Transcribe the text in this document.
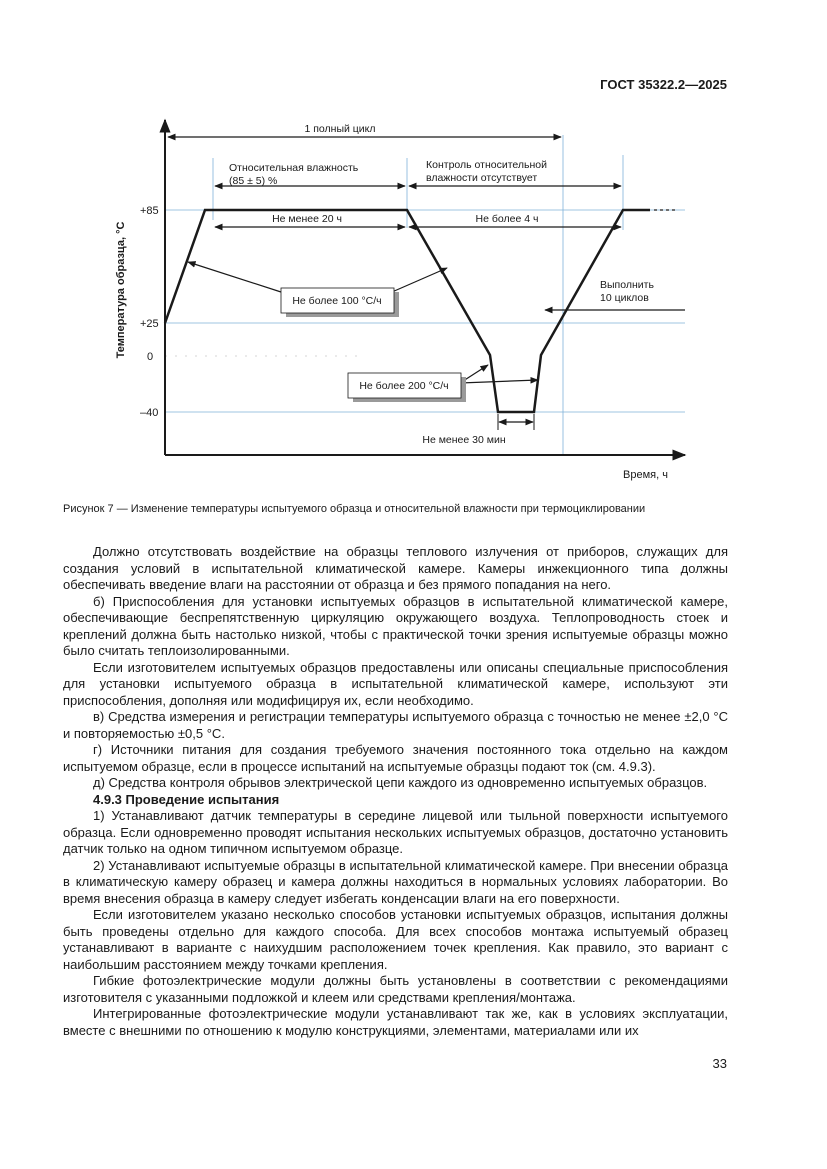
ГОСТ 35322.2—2025
1 полный цикл
Относительная влажность
(85 ± 5) %
Контроль относительной
влажности отсутствует
Не менее 20 ч	Не более 4 ч
Не более 100 °С/ч
Не более 200 °С/ч
Выполнить
10 циклов
Не менее 30 мин
Время, ч
Температура образца, °С
+85
+25
0
–40
Рисунок 7 — Изменение температуры испытуемого образца и относительной влажности при термоциклировании

Должно отсутствовать воздействие на образцы теплового излучения от приборов, служащих для создания условий в испытательной климатической камере. Камеры инжекционного типа должны обеспечивать введение влаги на расстоянии от образца и без прямого попадания на него.

б) Приспособления для установки испытуемых образцов в испытательной климатической камере, обеспечивающие беспрепятственную циркуляцию окружающего воздуха. Теплопроводность стоек и креплений должна быть настолько низкой, чтобы с практической точки зрения испытуемые образцы можно было считать теплоизолированными.

Если изготовителем испытуемых образцов предоставлены или описаны специальные приспособления для установки испытуемого образца в испытательной климатической камере, используют эти приспособления, дополняя или модифицируя их, если необходимо.

в) Средства измерения и регистрации температуры испытуемого образца с точностью не менее ±2,0 °С и повторяемостью ±0,5 °С.

г) Источники питания для создания требуемого значения постоянного тока отдельно на каждом испытуемом образце, если в процессе испытаний на испытуемые образцы подают ток (см. 4.9.3).

д) Средства контроля обрывов электрической цепи каждого из одновременно испытуемых образцов.

4.9.3 Проведение испытания

1) Устанавливают датчик температуры в середине лицевой или тыльной поверхности испытуемого образца. Если одновременно проводят испытания нескольких испытуемых образцов, достаточно установить датчик только на одном типичном испытуемом образце.

2) Устанавливают испытуемые образцы в испытательной климатической камере. При внесении образца в климатическую камеру образец и камера должны находиться в нормальных условиях лаборатории. Во время внесения образца в камеру следует избегать конденсации влаги на его поверхности.

Если изготовителем указано несколько способов установки испытуемых образцов, испытания должны быть проведены отдельно для каждого способа. Для всех способов монтажа испытуемый образец устанавливают в варианте с наихудшим расположением точек крепления. Как правило, это вариант с наибольшим расстоянием между точками крепления.

Гибкие фотоэлектрические модули должны быть установлены в соответствии с рекомендациями изготовителя с указанными подложкой и клеем или средствами крепления/монтажа.

Интегрированные фотоэлектрические модули устанавливают так же, как в условиях эксплуатации, вместе с внешними по отношению к модулю конструкциями, элементами, материалами или их

33
